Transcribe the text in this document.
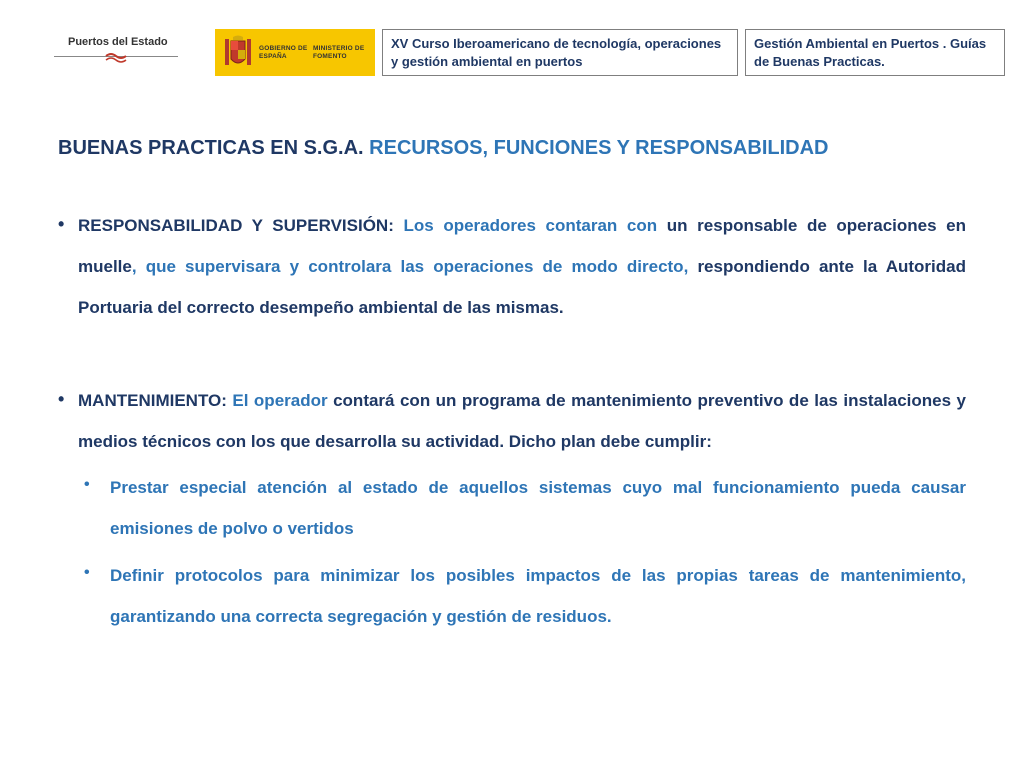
Puertos del Estado
GOBIERNO DE ESPAÑA
MINISTERIO DE FOMENTO
XV Curso Iberoamericano de tecnología, operaciones y gestión ambiental en puertos
Gestión Ambiental en Puertos . Guías de Buenas Practicas.
BUENAS PRACTICAS EN S.G.A. RECURSOS, FUNCIONES Y RESPONSABILIDAD
• RESPONSABILIDAD Y SUPERVISIÓN: Los operadores contaran con un responsable de operaciones en muelle, que supervisara y controlara las operaciones de modo directo, respondiendo ante la Autoridad Portuaria del correcto desempeño ambiental de las mismas.
• MANTENIMIENTO: El operador contará con un programa de mantenimiento preventivo de las instalaciones y medios técnicos con los que desarrolla su actividad. Dicho plan debe cumplir:
• Prestar especial atención al estado de aquellos sistemas cuyo mal funcionamiento pueda causar emisiones de polvo o vertidos
• Definir protocolos para minimizar los posibles impactos de las propias tareas de mantenimiento, garantizando una correcta segregación y gestión de residuos.
